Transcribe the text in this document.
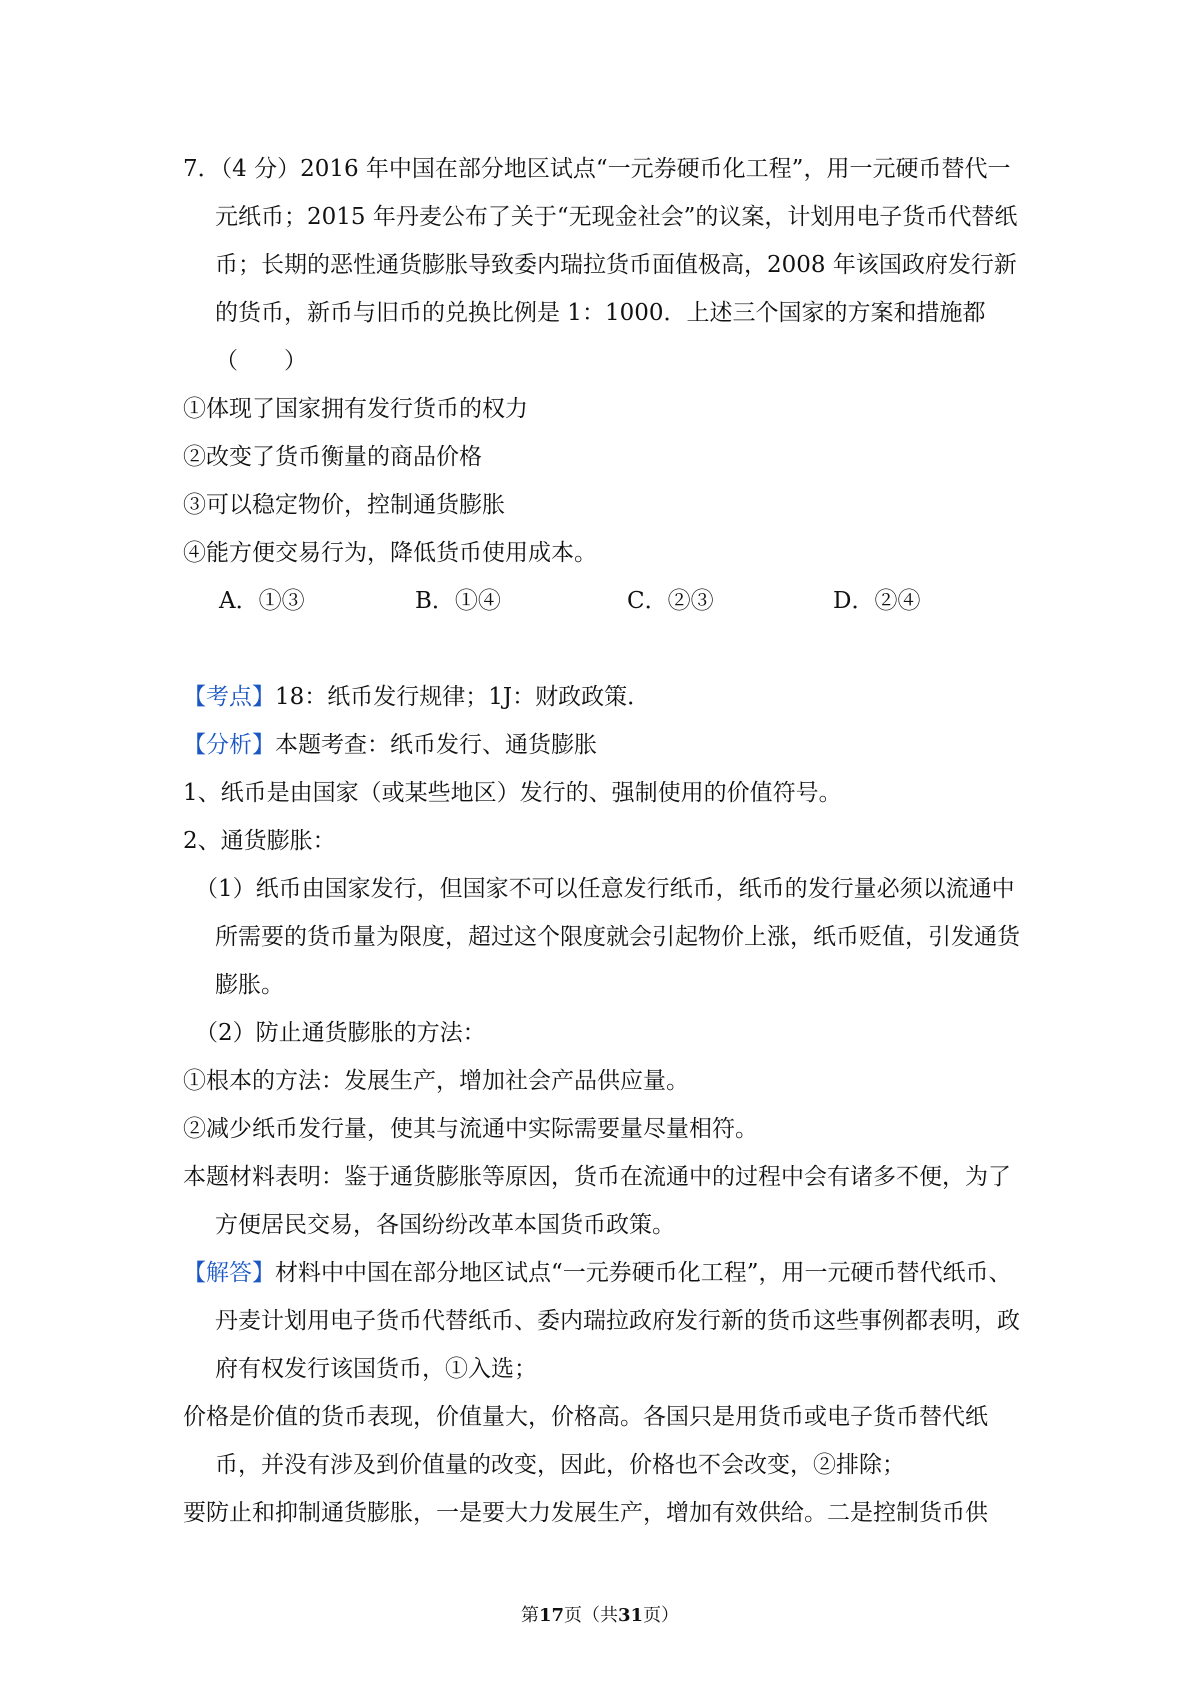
7．（4 分）2016 年中国在部分地区试点“一元券硬币化工程”，用一元硬币替代一元纸币；2015 年丹麦公布了关于“无现金社会”的议案，计划用电子货币代替纸币；长期的恶性通货膨胀导致委内瑞拉货币面值极高，2008 年该国政府发行新的货币，新币与旧币的兑换比例是 1：1000．上述三个国家的方案和措施都（　　）

①体现了国家拥有发行货币的权力

②改变了货币衡量的商品价格

③可以稳定物价，控制通货膨胀

④能方便交易行为，降低货币使用成本。

A．①③	B．①④	C．②③	D．②④

【考点】18：纸币发行规律；1J：财政政策．

【分析】本题考查：纸币发行、通货膨胀

1、纸币是由国家（或某些地区）发行的、强制使用的价值符号。

2、通货膨胀：

（1）纸币由国家发行，但国家不可以任意发行纸币，纸币的发行量必须以流通中所需要的货币量为限度，超过这个限度就会引起物价上涨，纸币贬值，引发通货膨胀。

（2）防止通货膨胀的方法：

①根本的方法：发展生产，增加社会产品供应量。

②减少纸币发行量，使其与流通中实际需要量尽量相符。

本题材料表明：鉴于通货膨胀等原因，货币在流通中的过程中会有诸多不便，为了方便居民交易，各国纷纷改革本国货币政策。

【解答】材料中中国在部分地区试点“一元券硬币化工程”，用一元硬币替代纸币、丹麦计划用电子货币代替纸币、委内瑞拉政府发行新的货币这些事例都表明，政府有权发行该国货币，①入选；

价格是价值的货币表现，价值量大，价格高。各国只是用货币或电子货币替代纸币，并没有涉及到价值量的改变，因此，价格也不会改变，②排除；

要防止和抑制通货膨胀，一是要大力发展生产，增加有效供给。二是控制货币供

第17页（共31页）
